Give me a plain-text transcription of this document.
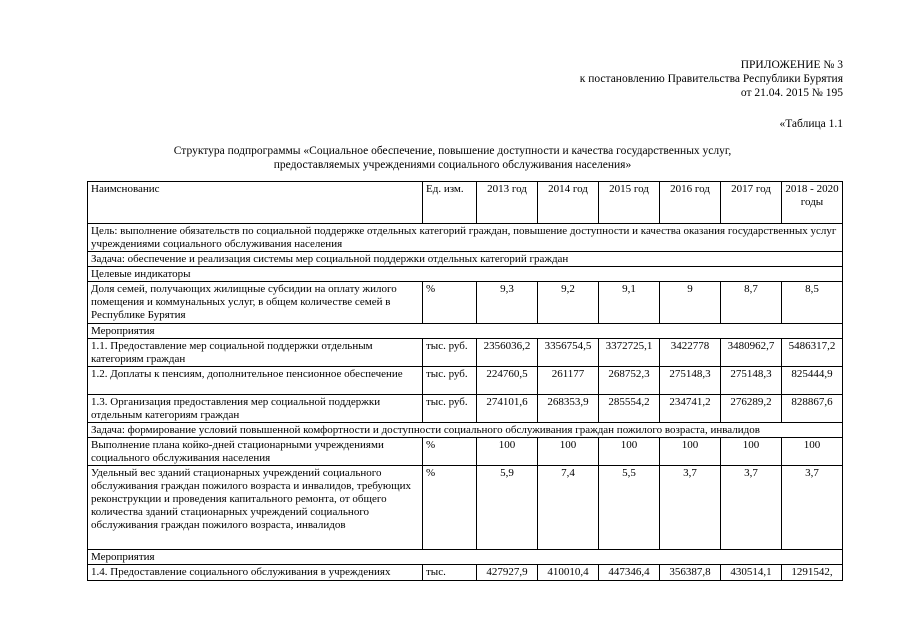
ПРИЛОЖЕНИЕ № 3
к постановлению Правительства Республики Бурятия
от 21.04. 2015 № 195
«Таблица 1.1
Структура подпрограммы «Социальное обеспечение, повышение доступности и качества государственных услуг,
предоставляемых учреждениями социального обслуживания населения»
Наимснованис	Ед. изм.	2013 год	2014 год	2015 год	2016 год	2017 год	2018 - 2020 годы
Цель: выполнение обязательств по социальной поддержке отдельных категорий граждан, повышение доступности и качества оказания государственных услуг учреждениями социального обслуживания населения							
Задача: обеспечение и реализация системы мер социальной поддержки отдельных категорий граждан							
Целевые индикаторы							
Доля семей, получающих жилищные субсидии на оплату жилого помещения и коммунальных услуг, в общем количестве семей в Республике Бурятия	%	9,3	9,2	9,1	9	8,7	8,5
Мероприятия							
1.1. Предоставление мер социальной поддержки отдельным категориям граждан	тыс. руб.	2356036,2	3356754,5	3372725,1	3422778	3480962,7	5486317,2
1.2. Доплаты к пенсиям, дополнительное пенсионное обеспечение	тыс. руб.	224760,5	261177	268752,3	275148,3	275148,3	825444,9
1.3. Организация предоставления мер социальной поддержки отдельным категориям граждан	тыс. руб.	274101,6	268353,9	285554,2	234741,2	276289,2	828867,6
Задача: формирование условий повышенной комфортности и доступности социального обслуживания граждан пожилого возраста, инвалидов							
Выполнение плана койко-дней стационарными учреждениями социального обслуживания населения	%	100	100	100	100	100	100
Удельный вес зданий стационарных учреждений социального обслуживания граждан пожилого возраста и инвалидов, требующих реконструкции и проведения капитального ремонта, от общего количества зданий стационарных учреждений социального обслуживания граждан пожилого возраста, инвалидов	%	5,9	7,4	5,5	3,7	3,7	3,7
Мероприятия							
1.4. Предоставление социального обслуживания в учреждениях	тыс.	427927,9	410010,4	447346,4	356387,8	430514,1	1291542,
